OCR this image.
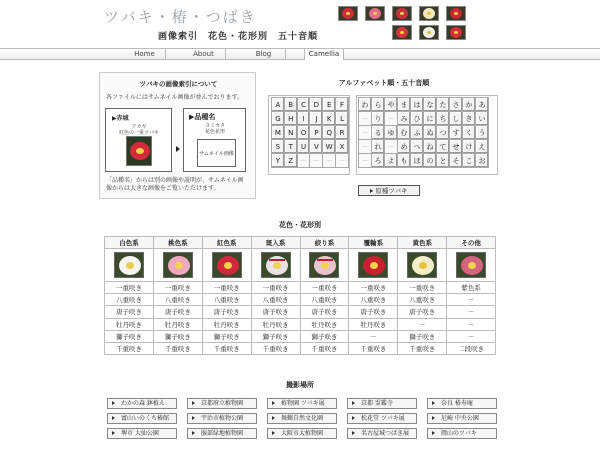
ツバキ・椿・つばき
画像索引　花色・花形別　五十音順
Home	About	Blog	Camellia
ツバキの画像索引について
各ファイルにはサムネイル画像が並んでおります。
「品種名」からは別の画像や説明が、サムネイル画
像からは大きな画像をご覧いただけます。
▶赤城
アカギ
紅色の一重ツバキ
▶品種名
ヨミカタ
花色花形
サムネイル画像
アルファベット順・五十音順
A	B	C	D	E	F
G	H	I	J	K	L
M	N	O	P	Q	R
S	T	U	V	W	X
Y	Z	－	－	－	－
わ	ら	や	ま	は	な	た	さ	か	あ
－	り	－	み	ひ	に	ち	し	き	い
－	る	ゆ	む	ふ	ぬ	つ	す	く	う
－	れ	－	め	へ	ね	て	せ	け	え
－	ろ	よ	も	ほ	の	と	そ	こ	お
原種ツバキ
花色・花形別
白色系	桃色系	紅色系	斑入系	絞り系	覆輪系	黄色系	その他

一重咲き	一重咲き	一重咲き	一重咲き	一重咲き	一重咲き	一重咲き	紫色系
八重咲き	八重咲き	八重咲き	八重咲き	八重咲き	八重咲き	八重咲き	－
唐子咲き	唐子咲き	唐子咲き	唐子咲き	唐子咲き	唐子咲き	唐子咲き	－
牡丹咲き	牡丹咲き	牡丹咲き	牡丹咲き	牡丹咲き	牡丹咲き	－	－
獅子咲き	獅子咲き	獅子咲き	獅子咲き	獅子咲き	－	獅子咲き	－
千重咲き	千重咲き	千重咲き	千重咲き	千重咲き	千重咲き	千重咲き	二段咲き
撮影場所
わかの森 鉢植え	京都府立植物園	植物園 ツバキ展	京都 霊鑑寺	奈良 椿寿庵
富山いのくち椿館	宇治市植物公園	舞鶴自然文化園	松花堂 ツバキ展	尼崎 中央公園
堺市 大仙公園	服部緑地植物園	大阪市大植物園	名古屋城つばき展	岡山のツバキ
